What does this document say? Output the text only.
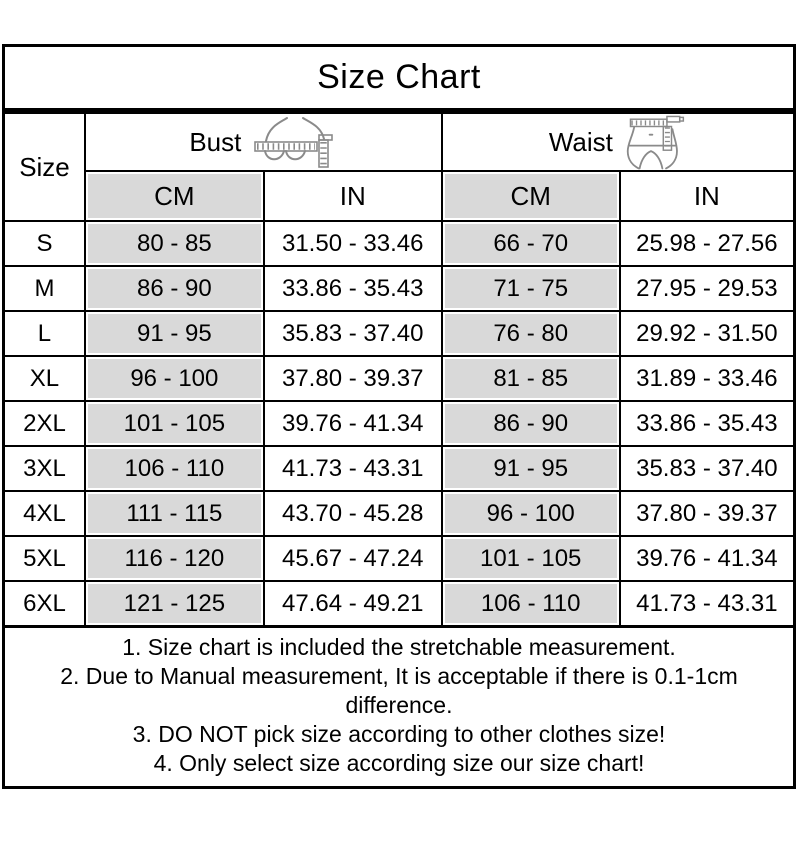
Size Chart
Size	Bust		Waist	

	CM	IN	CM	IN
S	80 - 85	31.50 - 33.46	66 - 70	25.98 - 27.56
M	86 - 90	33.86 - 35.43	71 - 75	27.95 - 29.53
L	91 - 95	35.83 - 37.40	76 - 80	29.92 - 31.50
XL	96 - 100	37.80 - 39.37	81 - 85	31.89 - 33.46
2XL	101 - 105	39.76 - 41.34	86 - 90	33.86 - 35.43
3XL	106 - 110	41.73 - 43.31	91 - 95	35.83 - 37.40
4XL	111 - 115	43.70 - 45.28	96 - 100	37.80 - 39.37
5XL	116 - 120	45.67 - 47.24	101 - 105	39.76 - 41.34
6XL	121 - 125	47.64 - 49.21	106 - 110	41.73 - 43.31

1. Size chart is included the stretchable measurement.

2. Due to Manual measurement, It is acceptable if there is 0.1-1cm difference.

3. DO NOT pick size according to other clothes size!

4. Only select size according size our size chart!
